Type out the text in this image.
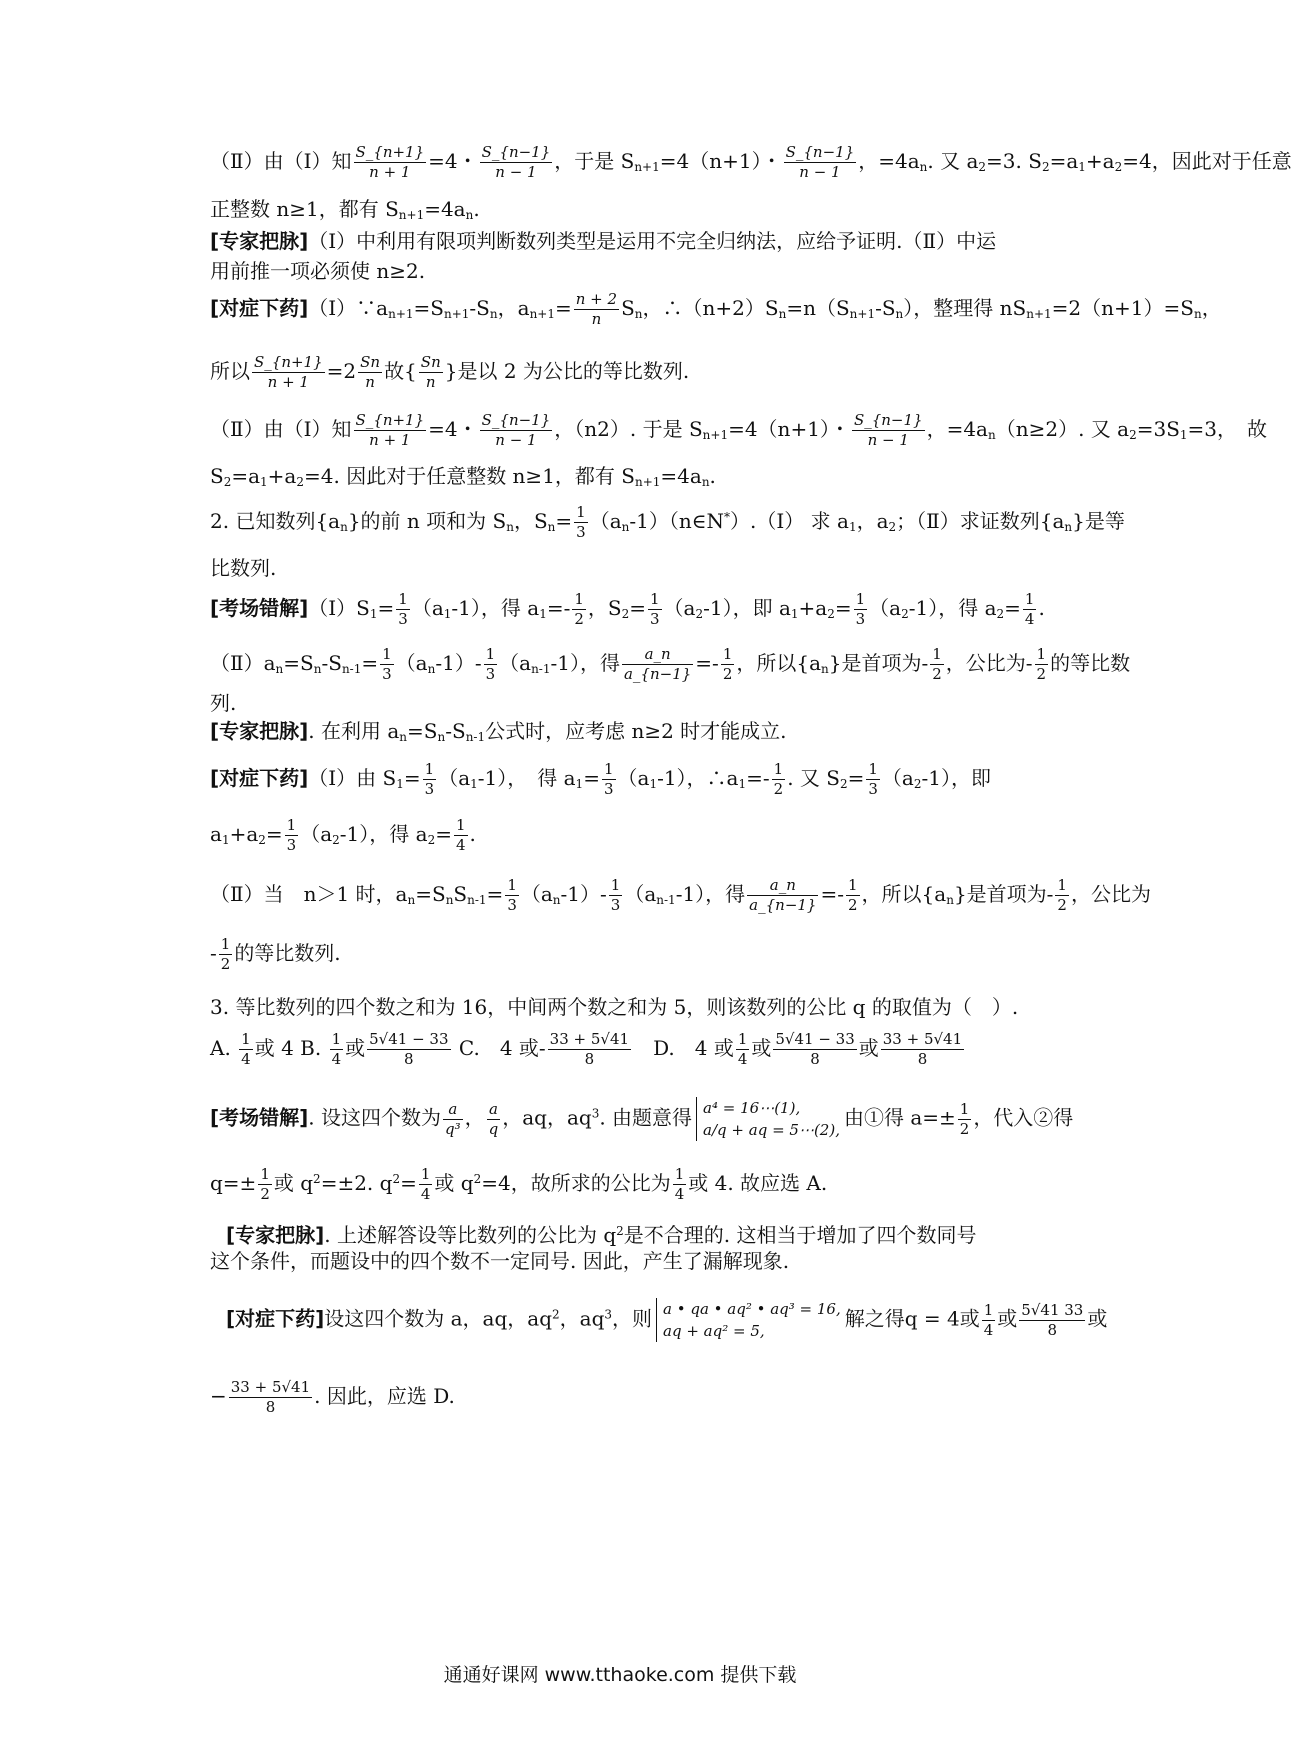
（Ⅱ）由（Ⅰ）知 $\frac{S\_\{n+1\}}{n + 1} =4$・ $\frac{S\_\{n-1\}}{n - 1}$ ，于是 $S_{n+1}=4(n+1)$・ $\frac{S\_\{n-1\}}{n - 1}$ ，$=4a_n$. 又 $a_2=3$. $S_2=a_1+a_2=4$，因此对于任意
正整数 n≥1，都有 $S_{n+1}=4a_n$.
[专家把脉]（Ⅰ）中利用有限项判断数列类型是运用不完全归纳法，应给予证明.（Ⅱ）中运
用前推一项必须使 n≥2.
[对症下药]$(Ⅰ)\because a_{n+1}=S_{n+1}-S_n$，$a_{n+1}= \frac{n + 2}{n} S_n$，$\therefore(n+2)S_n=n(S_{n+1}-S_n)$，整理得 $nS_{n+1}=2(n+1)=S_n$，
所以 $\frac{S\_\{n+1\}}{n + 1} =2 \frac{Sn}{n}$ 故{ $\frac{Sn}{n}$ }是以 2 为公比的等比数列.
（Ⅱ）由（Ⅰ）知 $\frac{S\_\{n+1\}}{n + 1} =4$・ $\frac{S\_\{n-1\}}{n - 1}$ ，（n2）. 于是 $S_{n+1}=4(n+1)$・ $\frac{S\_\{n-1\}}{n - 1}$ ，$=4a_n(n\ge 2)$. 又 $a_2=3S_1=3$，　故
$S_2=a_1+a_2=4$. 因此对于任意整数 n≥1，都有 $S_{n+1}=4a_n$.
2. 已知数列$\{a_n\}$的前 n 项和为 $S_n$，$S_n= \frac{1}{3}$ $(a_n-1)(n\in N^*).(Ⅰ)$ 求 $a_1$，$a_2$；（Ⅱ）求证数列$\{a_n\}$是等
比数列.
[考场错解]$(Ⅰ)S_1= \frac{1}{3} (a_1-1)$，得 $a_1=- \frac{1}{2}$ ，$S_2= \frac{1}{3} (a_2-1)$，即 $a_1+a_2= \frac{1}{3} (a_2-1)$，得 $a_2= \frac{1}{4}$ .
$(Ⅱ)a_n=S_n-S_{n-1}= \frac{1}{3} (a_n-1)- \frac{1}{3} (a_{n-1}-1)$，得 $\frac{a\_n}{a\_\{n-1\}} =- \frac{1}{2}$ ，所以$\{a_n\}$是首项为- $\frac{1}{2}$ ，公比为- $\frac{1}{2}$ 的等比数
列.
[专家把脉]. 在利用 $a_n=S_n-S_{n-1}$公式时，应考虑 n≥2 时才能成立.
[对症下药]（Ⅰ）由 $S_1= \frac{1}{3} (a_1-1)$，　得 $a_1= \frac{1}{3} (a_1-1)$，$\therefore a_1=- \frac{1}{2}$ . 又 $S_2= \frac{1}{3} (a_2-1)$，即
$a_1+a_2= \frac{1}{3} (a_2-1)$，得 $a_2= \frac{1}{4}$ .
（Ⅱ）当　n＞1 时，$a_n=S_nS_{n-1}= \frac{1}{3} (a_n-1)- \frac{1}{3} (a_{n-1}-1)$，得 $\frac{a\_n}{a\_\{n-1\}} =- \frac{1}{2}$ ，所以$\{a_n\}$是首项为- $\frac{1}{2}$ ，公比为
- $\frac{1}{2}$ 的等比数列.
3. 等比数列的四个数之和为 16，中间两个数之和为 5，则该数列的公比 q 的取值为（　）.
A. $\frac{1}{4}$ 或 4 B. $\frac{1}{4}$ 或 $\frac{5√41 - 33}{8} C$.　4 或- $\frac{33 + 5√41}{8}$
　 D.　4 或 $\frac{1}{4}$ 或 $\frac{5√41 - 33}{8}$ 或 $\frac{33 + 5√41}{8}$
[考场错解]. 设这四个数为 $\frac{a}{\text{q³}}$ ， $\frac{a}{q}$ ，aq，$aq^3$. 由题意得 a⁴ = 16⋯(1),
a/q + aq = 5⋯(2),
由①得 $a=\pm \frac{1}{2}$ ，代入②得
$q=\pm \frac{1}{2}$ 或 $q^2=\pm 2$. $q^2= \frac{1}{4}$ 或 $q^2=4$，故所求的公比为 $\frac{1}{4}$ 或 4. 故应选 A.
[专家把脉]. 上述解答设等比数列的公比为 $q^2$是不合理的. 这相当于增加了四个数同号
这个条件，而题设中的四个数不一定同号. 因此，产生了漏解现象.
[对症下药]设这四个数为 a，aq，$aq^2$，$aq^3$，则 a • qa • aq² • aq³ = 16,
aq + aq² = 5,
解之得q = 4或 $\frac{1}{4}$ 或 $\frac{5√41 33}{8}$ 或
− $\frac{33 + 5√41}{8}$ . 因此，应选 D.
通通好课网 www.tthaoke.com 提供下载
